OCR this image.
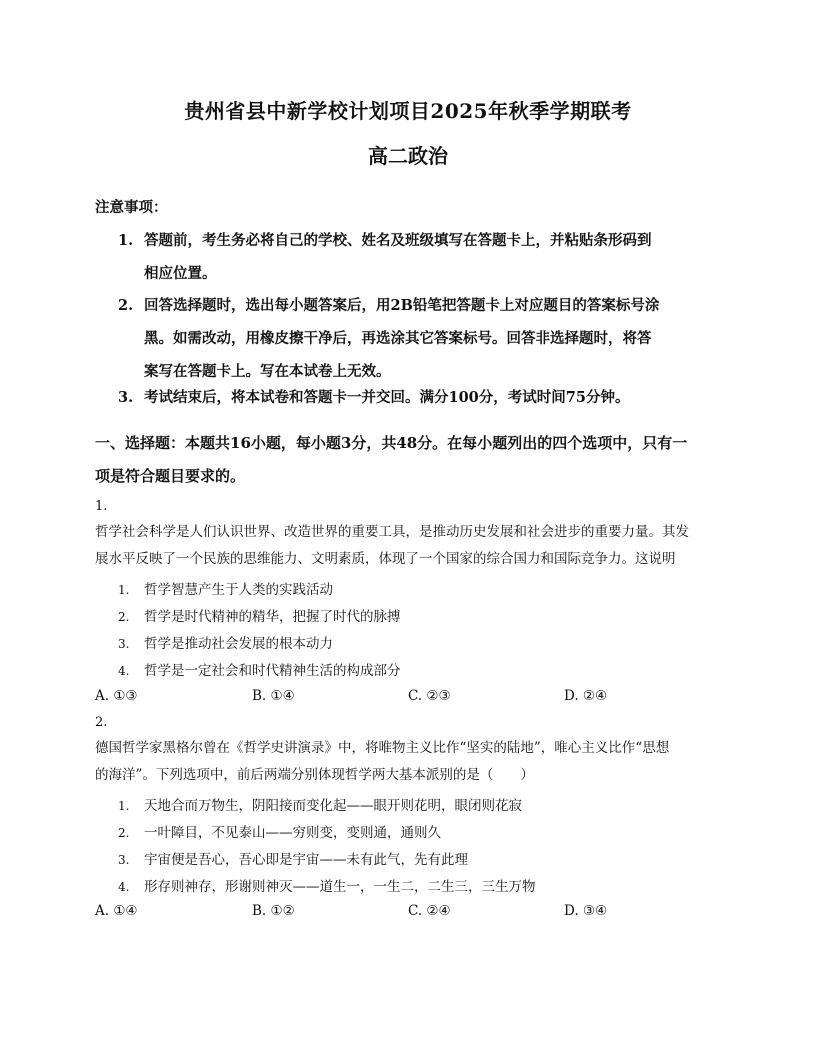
贵州省县中新学校计划项目2025年秋季学期联考
高二政治
注意事项：
1. 答题前，考生务必将自己的学校、姓名及班级填写在答题卡上，并粘贴条形码到
相应位置。
2. 回答选择题时，选出每小题答案后，用2B铅笔把答题卡上对应题目的答案标号涂
黑。如需改动，用橡皮擦干净后，再选涂其它答案标号。回答非选择题时，将答
案写在答题卡上。写在本试卷上无效。
3. 考试结束后，将本试卷和答题卡一并交回。满分100分，考试时间75分钟。
一、选择题：本题共16小题，每小题3分，共48分。在每小题列出的四个选项中，只有一
项是符合题目要求的。
1.
哲学社会科学是人们认识世界、改造世界的重要工具，是推动历史发展和社会进步的重要力量。其发
展水平反映了一个民族的思维能力、文明素质，体现了一个国家的综合国力和国际竞争力。这说明
1. 哲学智慧产生于人类的实践活动
2. 哲学是时代精神的精华，把握了时代的脉搏
3. 哲学是推动社会发展的根本动力
4. 哲学是一定社会和时代精神生活的构成部分
A. ①③	B. ①④	C. ②③	D. ②④
2.
德国哲学家黑格尔曾在《哲学史讲演录》中，将唯物主义比作“坚实的陆地”，唯心主义比作“思想
的海洋”。下列选项中，前后两端分别体现哲学两大基本派别的是（　　）
1. 天地合而万物生，阴阳接而变化起——眼开则花明，眼闭则花寂
2. 一叶障目，不见泰山——穷则变，变则通，通则久
3. 宇宙便是吾心，吾心即是宇宙——未有此气，先有此理
4. 形存则神存，形谢则神灭——道生一，一生二，二生三，三生万物
A. ①④	B. ①②	C. ②④	D. ③④
